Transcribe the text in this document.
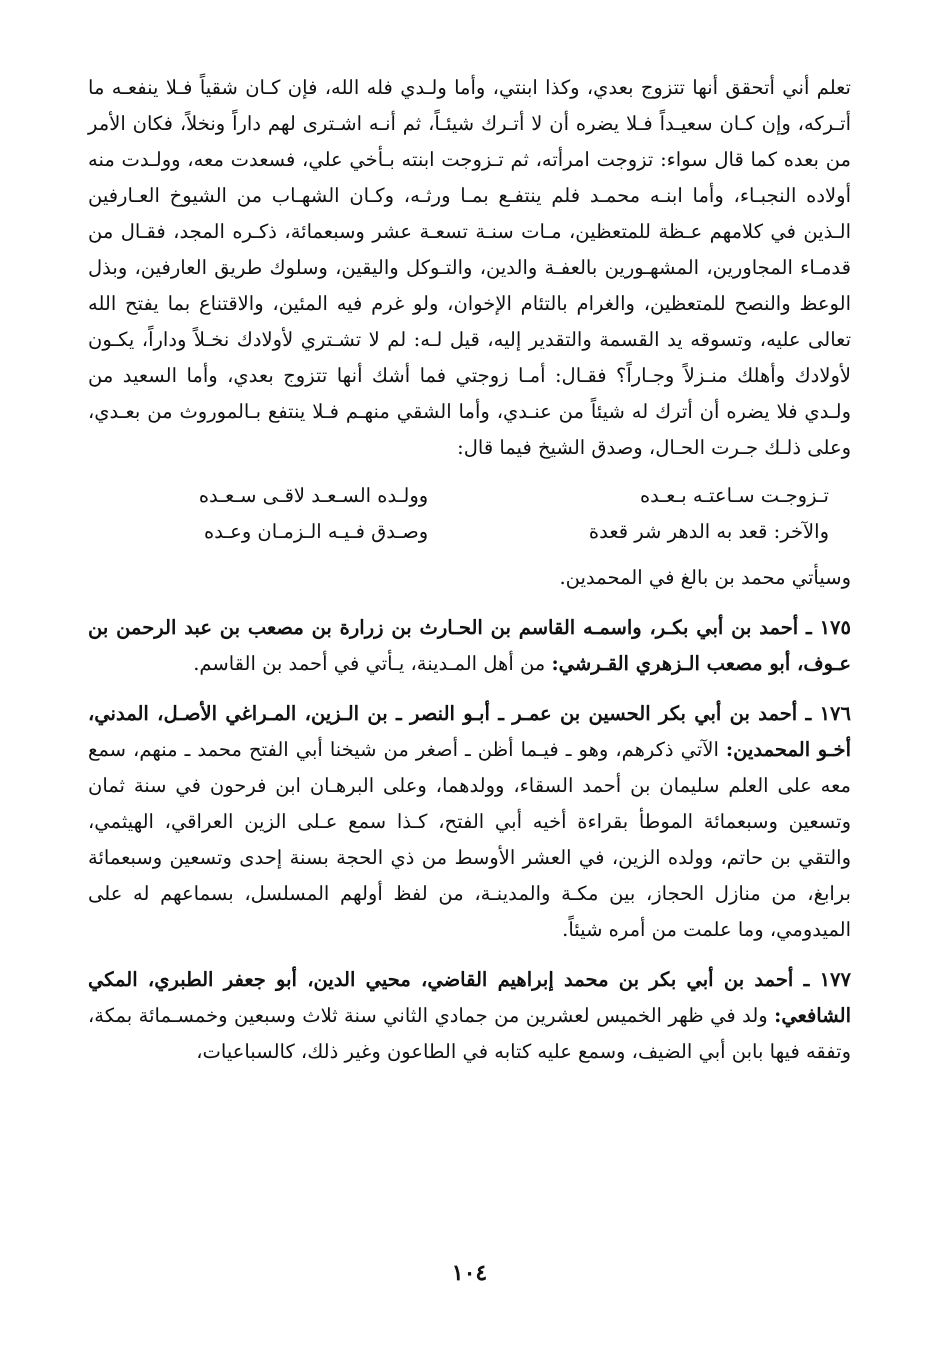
تعلم أني أتحقق أنها تتزوج بعدي، وكذا ابنتي، وأما ولـدي فله الله، فإن كـان شقياً فـلا ينفعـه ما أتـركه، وإن كـان سعيـداً فـلا يضره أن لا أتـرك شيئـاً، ثم أنـه اشـترى لهم داراً ونخلاً، فكان الأمر من بعده كما قال سواء: تزوجت امرأته، ثم تـزوجت ابنته بـأخي علي، فسعدت معه، وولـدت منه أولاده النجبـاء، وأما ابنـه محمـد فلم ينتفـع بمـا ورثـه، وكـان الشهـاب من الشيوخ العـارفين الـذين في كلامهم عـظة للمتعظين، مـات سنـة تسعـة عشر وسبعمائة، ذكـره المجد، فقـال من قدمـاء المجاورين، المشهـورين بالعفـة والدين، والتـوكل واليقين، وسلوك طريق العارفين، وبذل الوعظ والنصح للمتعظين، والغرام بالتئام الإخوان، ولو غرم فيه المئين، والاقتناع بما يفتح الله تعالى عليه، وتسوقه يد القسمة والتقدير إليه، قيل لـه: لم لا تشـتري لأولادك نخـلاً وداراً، يكـون لأولادك وأهلك منـزلاً وجـاراً؟ فقـال: أمـا زوجتي فما أشك أنها تتزوج بعدي، وأما السعيد من ولـدي فلا يضره أن أترك له شيئاً من عنـدي، وأما الشقي منهـم فـلا ينتفع بـالموروث من بعـدي، وعلى ذلـك جـرت الحـال، وصدق الشيخ فيما قال:

تـزوجـت سـاعتـه بـعـده
وولـده السـعـد لاقـى سـعـده
والآخر: قعد به الدهر شر قعدة
وصـدق فـيـه الـزمـان وعـده

وسيأتي محمد بن بالغ في المحمدين.

١٧٥ ـ أحمد بن أبي بكـر، واسمـه القاسم بن الحـارث بن زرارة بن مصعب بن عبد الرحمن بن عـوف، أبو مصعب الـزهري القـرشي: من أهل المـدينة، يـأتي في أحمد بن القاسم.

١٧٦ ـ أحمد بن أبي بكر الحسين بن عمـر ـ أبـو النصر ـ بن الـزين، المـراغي الأصـل، المدني، أخـو المحمدين: الآتي ذكرهم، وهو ـ فيـما أظن ـ أصغر من شيخنا أبي الفتح محمد ـ منهم، سمع معه على العلم سليمان بن أحمد السقاء، وولدهما، وعلى البرهـان ابن فرحون في سنة ثمان وتسعين وسبعمائة الموطأ بقراءة أخيه أبي الفتح، كـذا سمع عـلى الزين العراقي، الهيثمي، والتقي بن حاتم، وولده الزين، في العشر الأوسط من ذي الحجة بسنة إحدى وتسعين وسبعمائة برابغ، من منازل الحجاز، بين مكـة والمدينـة، من لفظ أولهم المسلسل، بسماعهم له على الميدومي، وما علمت من أمره شيئاً.

١٧٧ ـ أحمد بن أبي بكر بن محمد إبراهيم القاضي، محيي الدين، أبو جعفر الطبري، المكي الشافعي: ولد في ظهر الخميس لعشرين من جمادي الثاني سنة ثلاث وسبعين وخمسـمائة بمكة، وتفقه فيها بابن أبي الضيف، وسمع عليه كتابه في الطاعون وغير ذلك، كالسباعيات،

١٠٤
